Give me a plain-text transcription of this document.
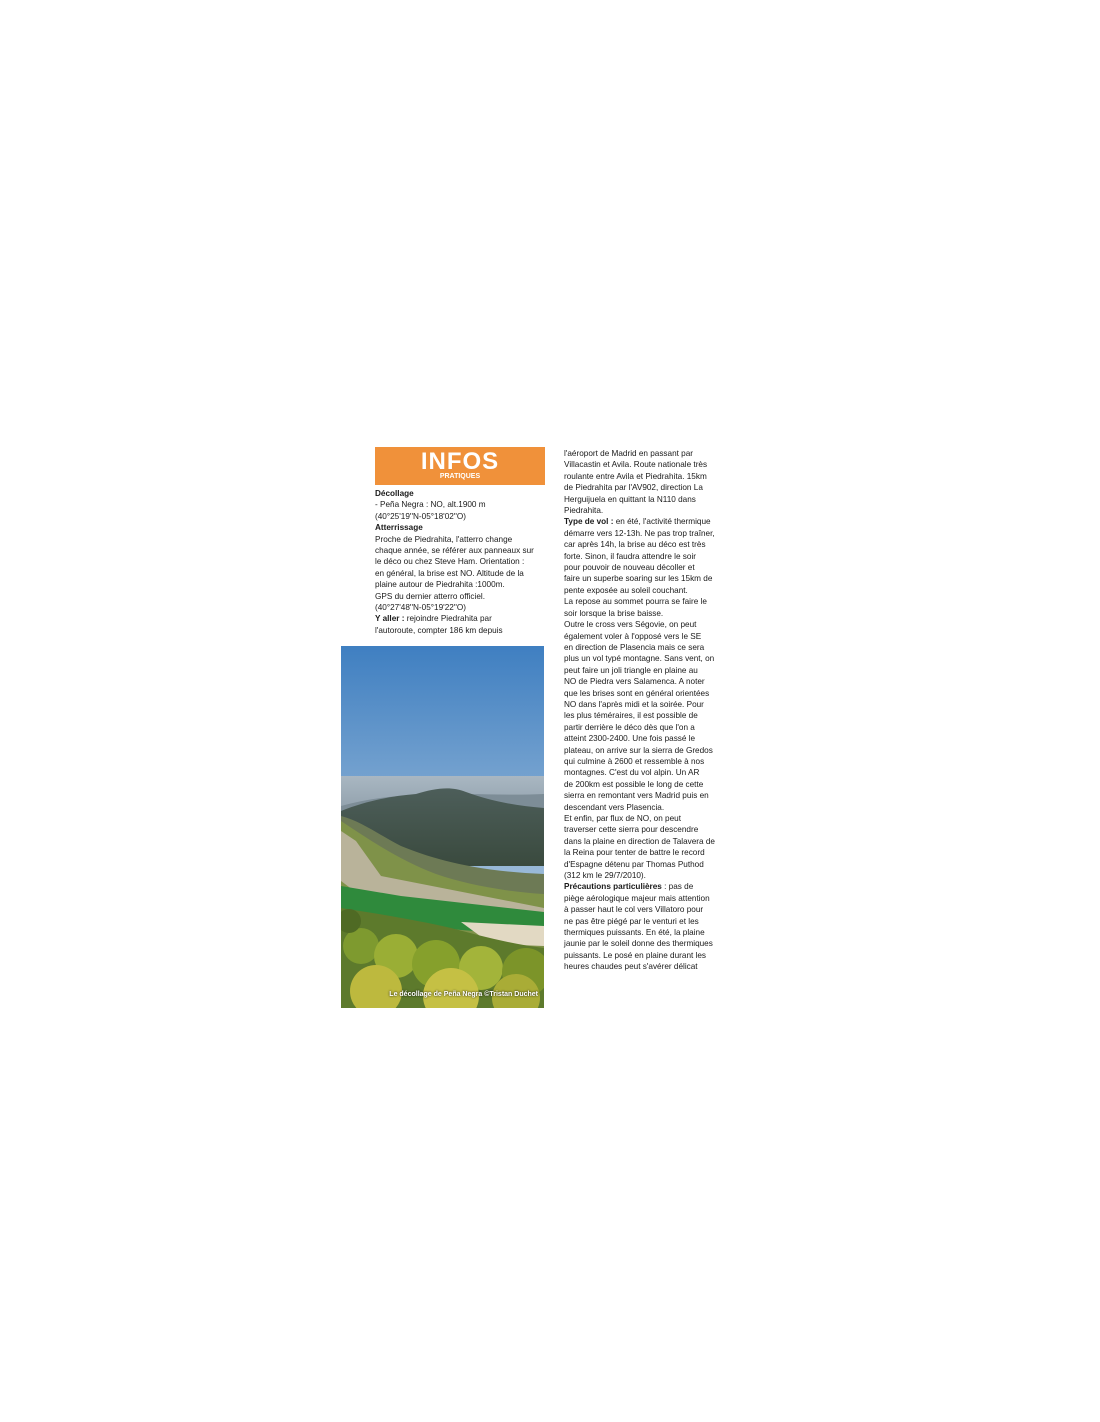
INFOS
PRATIQUES
Décollage
- Peña Negra : NO, alt.1900 m
(40°25'19''N-05°18'02''O)
Atterrissage
Proche de Piedrahita, l'atterro change
chaque année, se référer aux panneaux sur
le déco ou chez Steve Ham. Orientation :
en général, la brise est NO. Altitude de la
plaine autour de Piedrahita :1000m.
GPS du dernier atterro officiel.
(40°27'48''N-05°19'22''O)
Y aller : rejoindre Piedrahita par
l'autoroute, compter 186 km depuis
Le décollage de Peña Negra ©Tristan Duchet
l'aéroport de Madrid en passant par
Villacastin et Avila. Route nationale très
roulante entre Avila et Piedrahita. 15km
de Piedrahita par l'AV902, direction La
Herguijuela en quittant la N110 dans
Piedrahita.
Type de vol : en été, l'activité thermique
démarre vers 12-13h. Ne pas trop traîner,
car après 14h, la brise au déco est très
forte. Sinon, il faudra attendre le soir
pour pouvoir de nouveau décoller et
faire un superbe soaring sur les 15km de
pente exposée au soleil couchant.
La repose au sommet pourra se faire le
soir lorsque la brise baisse.
Outre le cross vers Ségovie, on peut
également voler à l'opposé vers le SE
en direction de Plasencia mais ce sera
plus un vol typé montagne. Sans vent, on
peut faire un joli triangle en plaine au
NO de Piedra vers Salamenca. A noter
que les brises sont en général orientées
NO dans l'après midi et la soirée. Pour
les plus téméraires, il est possible de
partir derrière le déco dès que l'on a
atteint 2300-2400. Une fois passé le
plateau, on arrive sur la sierra de Gredos
qui culmine à 2600 et ressemble à nos
montagnes. C'est du vol alpin. Un AR
de 200km est possible le long de cette
sierra en remontant vers Madrid puis en
descendant vers Plasencia.
Et enfin, par flux de NO, on peut
traverser cette sierra pour descendre
dans la plaine en direction de Talavera de
la Reina pour tenter de battre le record
d'Espagne détenu par Thomas Puthod
(312 km le 29/7/2010).
Précautions particulières : pas de
piège aérologique majeur mais attention
à passer haut le col vers Villatoro pour
ne pas être piégé par le venturi et les
thermiques puissants. En été, la plaine
jaunie par le soleil donne des thermiques
puissants. Le posé en plaine durant les
heures chaudes peut s'avérer délicat
